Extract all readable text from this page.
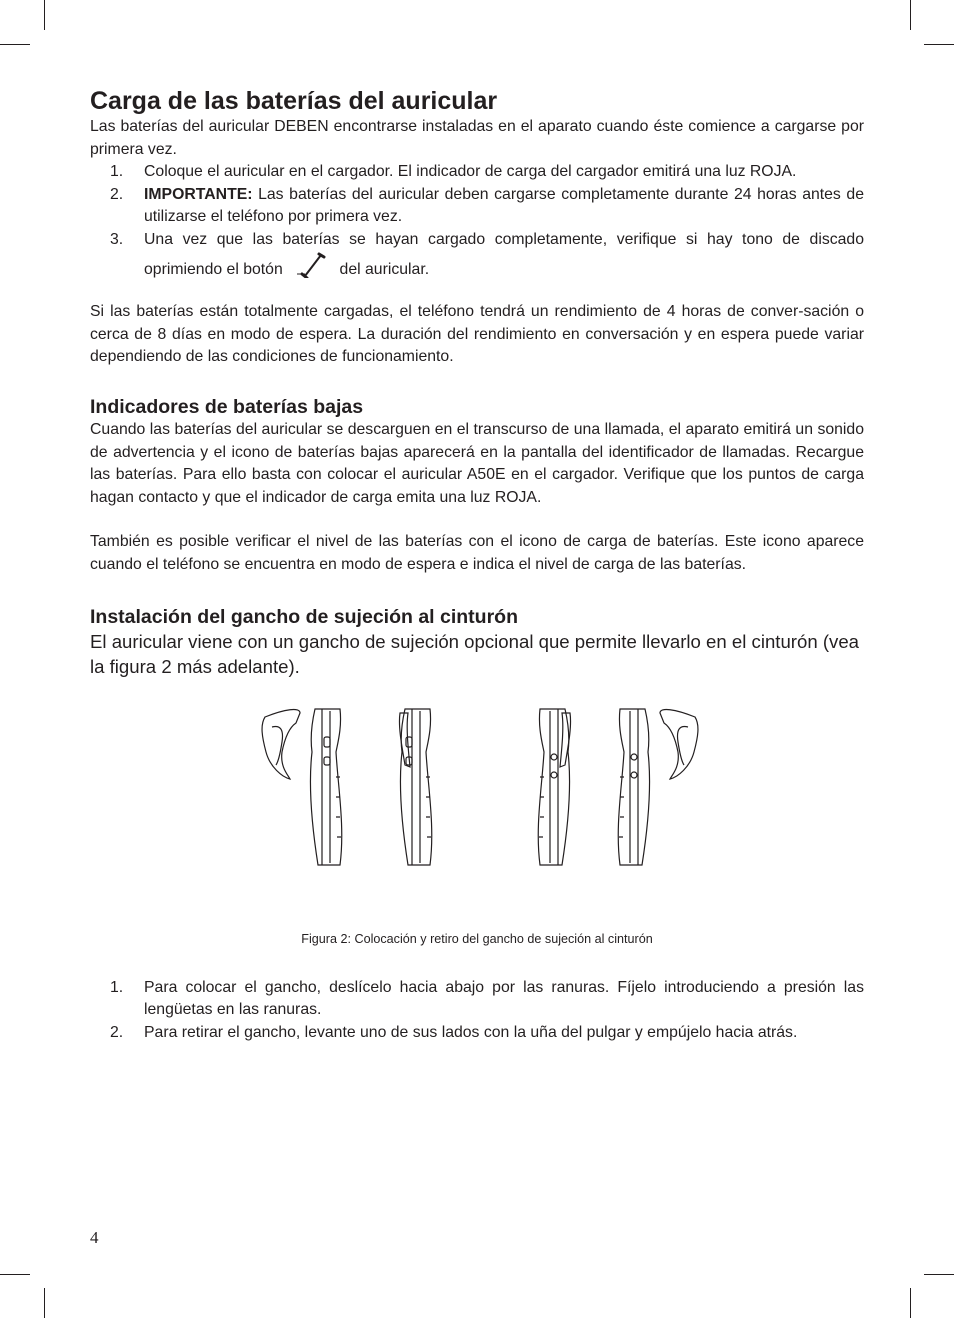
Carga de las baterías del auricular

Las baterías del auricular DEBEN encontrarse instaladas en el aparato cuando éste comience a cargarse por primera vez.

1. Coloque el auricular en el cargador. El indicador de carga del cargador emitirá una luz ROJA.
2. IMPORTANTE: Las baterías del auricular deben cargarse completamente durante 24 horas antes de utilizarse el teléfono por primera vez.
3. Una vez que las baterías se hayan cargado completamente, verifique si hay tono de discado oprimiendo el botón	del auricular.

Si las baterías están totalmente cargadas, el teléfono tendrá un rendimiento de 4 horas de conver-sación o cerca de 8 días en modo de espera. La duración del rendimiento en conversación y en espera puede variar dependiendo de las condiciones de funcionamiento.

Indicadores de baterías bajas

Cuando las baterías del auricular se descarguen en el transcurso de una llamada, el aparato emitirá un sonido de advertencia y el icono de baterías bajas aparecerá en la pantalla del identificador de llamadas. Recargue las baterías. Para ello basta con colocar el auricular A50E en el cargador. Verifique que los puntos de carga hagan contacto y que el indicador de carga emita una luz ROJA.

También es posible verificar el nivel de las baterías con el icono de carga de baterías. Este icono aparece cuando el teléfono se encuentra en modo de espera e indica el nivel de carga de las baterías.

Instalación del gancho de sujeción al cinturón

El auricular viene con un gancho de sujeción opcional que permite llevarlo en el cinturón (vea la figura 2 más adelante).

Figura 2: Colocación y retiro del gancho de sujeción al cinturón
1. Para colocar el gancho, deslícelo hacia abajo por las ranuras. Fíjelo introduciendo a presión las lengüetas en las ranuras.
2. Para retirar el gancho, levante uno de sus lados con la uña del pulgar y empújelo hacia atrás.
4
